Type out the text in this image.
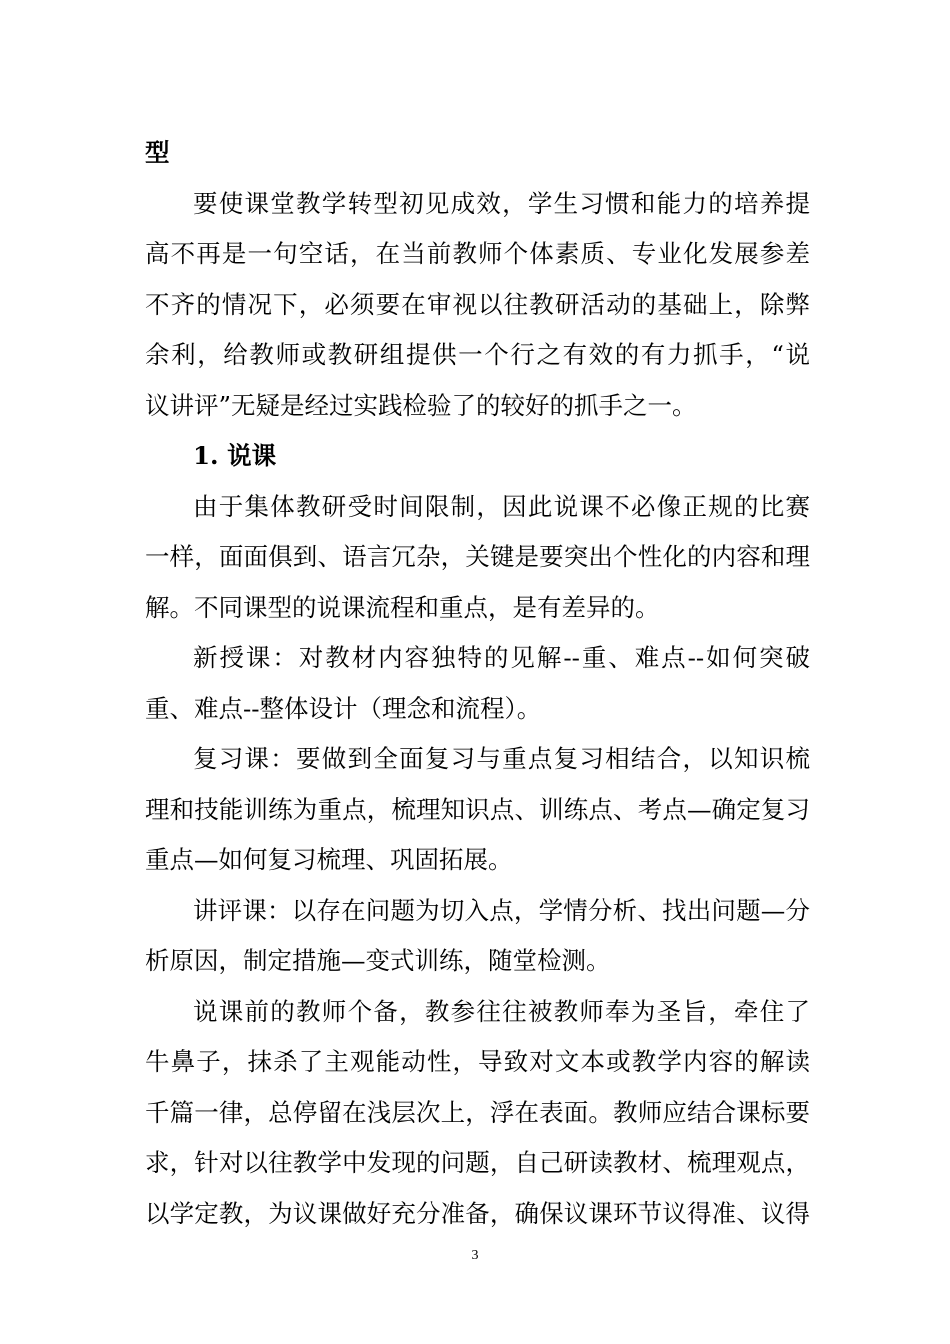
型
要使课堂教学转型初见成效，学生习惯和能力的培养提
高不再是一句空话，在当前教师个体素质、专业化发展参差
不齐的情况下，必须要在审视以往教研活动的基础上，除弊
余利，给教师或教研组提供一个行之有效的有力抓手，“说
议讲评”无疑是经过实践检验了的较好的抓手之一。
1. 说课
由于集体教研受时间限制，因此说课不必像正规的比赛
一样，面面俱到、语言冗杂，关键是要突出个性化的内容和理
解。不同课型的说课流程和重点，是有差异的。
新授课：对教材内容独特的见解--重、难点--如何突破
重、难点--整体设计（理念和流程）。
复习课：要做到全面复习与重点复习相结合，以知识梳
理和技能训练为重点，梳理知识点、训练点、考点—确定复习
重点—如何复习梳理、巩固拓展。
讲评课：以存在问题为切入点，学情分析、找出问题—分
析原因，制定措施—变式训练，随堂检测。
说课前的教师个备，教参往往被教师奉为圣旨，牵住了
牛鼻子，抹杀了主观能动性，导致对文本或教学内容的解读
千篇一律，总停留在浅层次上，浮在表面。教师应结合课标要
求，针对以往教学中发现的问题，自己研读教材、梳理观点，
以学定教，为议课做好充分准备，确保议课环节议得准、议得
3
